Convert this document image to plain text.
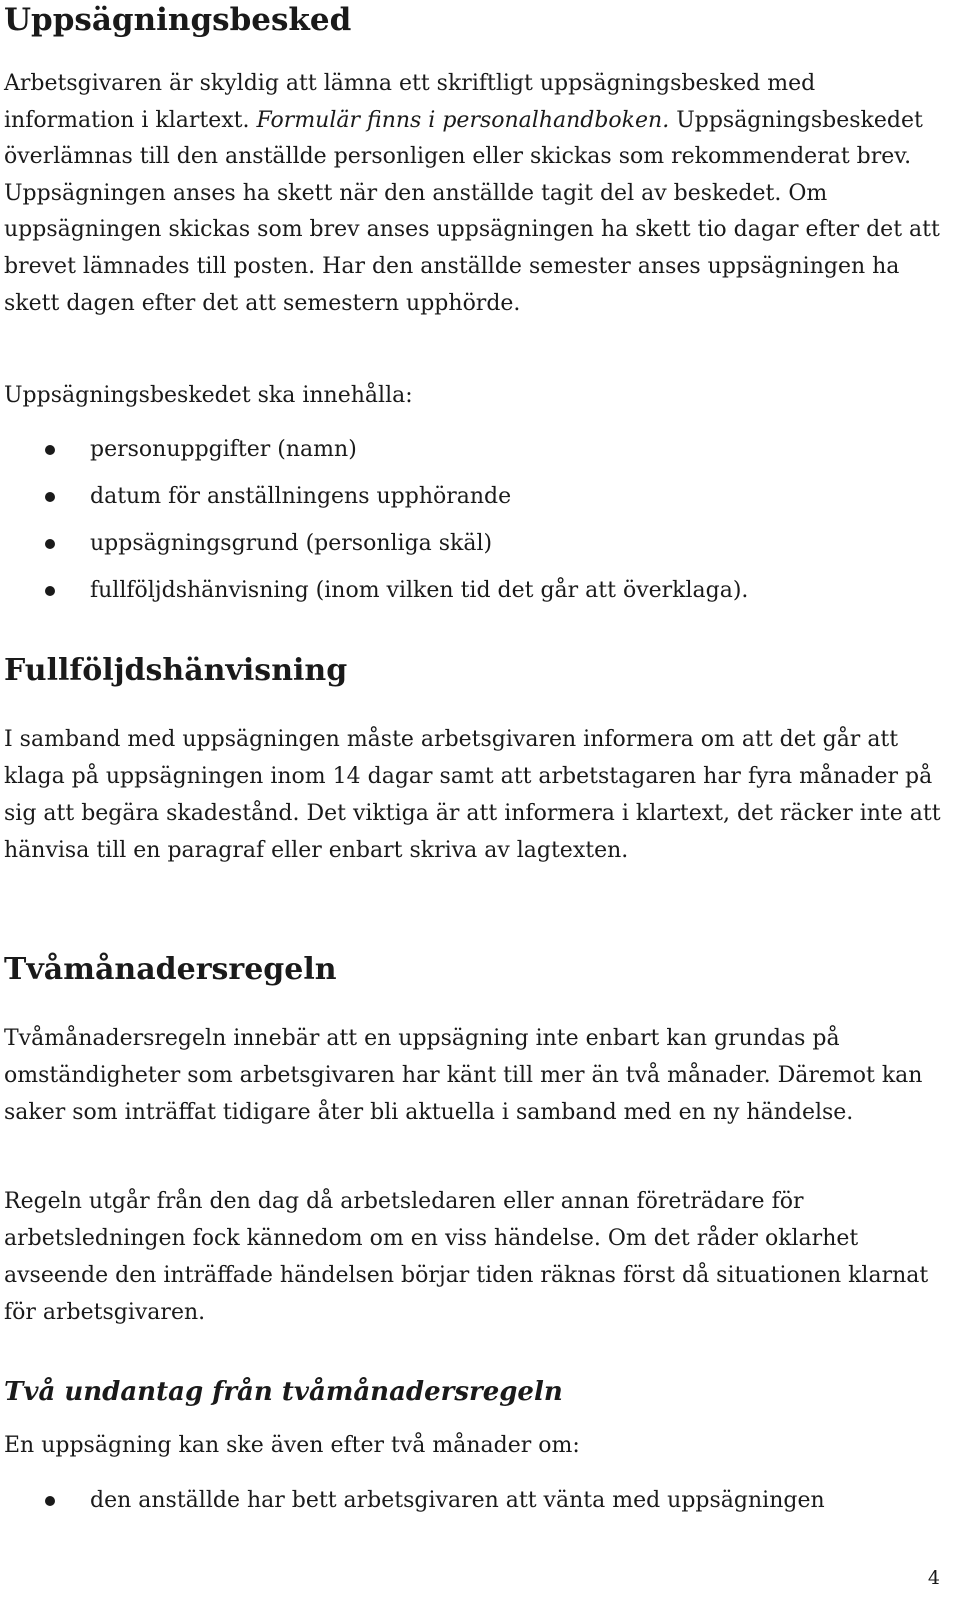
Uppsägningsbesked

Arbetsgivaren är skyldig att lämna ett skriftligt uppsägningsbesked med information i klartext. Formulär finns i personalhandboken. Uppsägningsbeskedet överlämnas till den anställde personligen eller skickas som rekommenderat brev. Uppsägningen anses ha skett när den anställde tagit del av beskedet. Om uppsägningen skickas som brev anses uppsägningen ha skett tio dagar efter det att brevet lämnades till posten. Har den anställde semester anses uppsägningen ha skett dagen efter det att semestern upphörde.

Uppsägningsbeskedet ska innehålla:

personuppgifter (namn)
datum för anställningens upphörande
uppsägningsgrund (personliga skäl)
fullföljdshänvisning (inom vilken tid det går att överklaga).
Fullföljdshänvisning

I samband med uppsägningen måste arbetsgivaren informera om att det går att klaga på uppsägningen inom 14 dagar samt att arbetstagaren har fyra månader på sig att begära skadestånd. Det viktiga är att informera i klartext, det räcker inte att hänvisa till en paragraf eller enbart skriva av lagtexten.

Tvåmånadersregeln

Tvåmånadersregeln innebär att en uppsägning inte enbart kan grundas på omständigheter som arbetsgivaren har känt till mer än två månader. Däremot kan saker som inträffat tidigare åter bli aktuella i samband med en ny händelse.

Regeln utgår från den dag då arbetsledaren eller annan företrädare för arbetsledningen fock kännedom om en viss händelse. Om det råder oklarhet avseende den inträffade händelsen börjar tiden räknas först då situationen klarnat för arbetsgivaren.

Två undantag från tvåmånadersregeln

En uppsägning kan ske även efter två månader om:

den anställde har bett arbetsgivaren att vänta med uppsägningen
4
